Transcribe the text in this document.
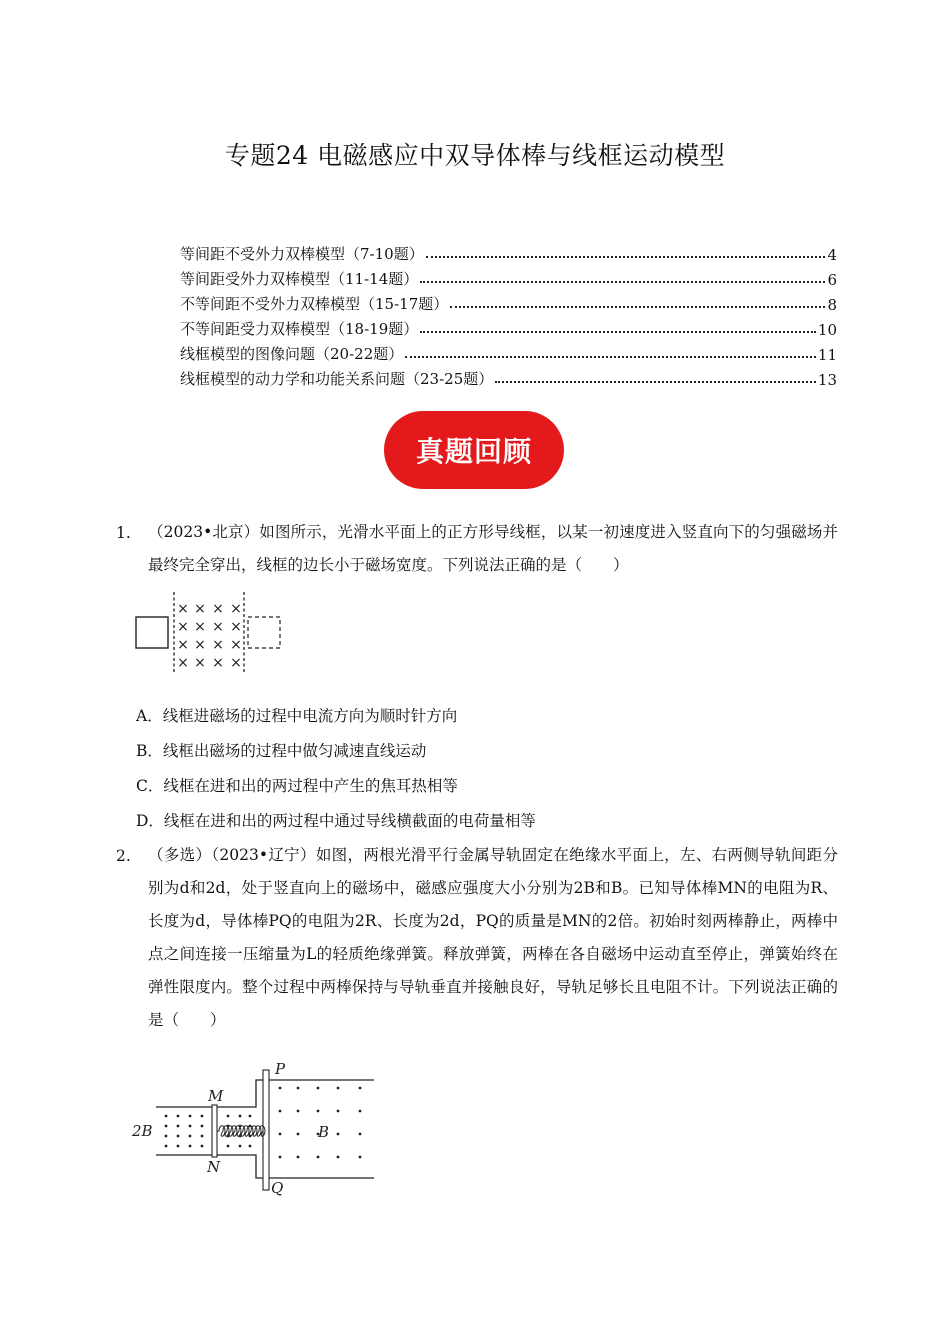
专题24 电磁感应中双导体棒与线框运动模型
等间距不受外力双棒模型（7-10题）	4
等间距受外力双棒模型（11-14题）	6
不等间距不受外力双棒模型（15-17题）	8
不等间距受力双棒模型（18-19题）	10
线框模型的图像问题（20-22题）	11
线框模型的动力学和功能关系问题（23-25题）	13
真题回顾
1. （2023•北京）如图所示，光滑水平面上的正方形导线框，以某一初速度进入竖直向下的匀强磁场并最终完全穿出，线框的边长小于磁场宽度。下列说法正确的是（　　）
× × × ×
× × × ×
× × × ×
× × × ×
A．线框进磁场的过程中电流方向为顺时针方向
B．线框出磁场的过程中做匀减速直线运动
C．线框在进和出的两过程中产生的焦耳热相等
D．线框在进和出的两过程中通过导线横截面的电荷量相等
2. （多选）（2023•辽宁）如图，两根光滑平行金属导轨固定在绝缘水平面上，左、右两侧导轨间距分别为d和2d，处于竖直向上的磁场中，磁感应强度大小分别为2B和B。已知导体棒MN的电阻为R、长度为d，导体棒PQ的电阻为2R、长度为2d，PQ的质量是MN的2倍。初始时刻两棒静止，两棒中点之间连接一压缩量为L的轻质绝缘弹簧。释放弹簧，两棒在各自磁场中运动直至停止，弹簧始终在弹性限度内。整个过程中两棒保持与导轨垂直并接触良好，导轨足够长且电阻不计。下列说法正确的是（　　）
M
N
P
Q
2B	B
